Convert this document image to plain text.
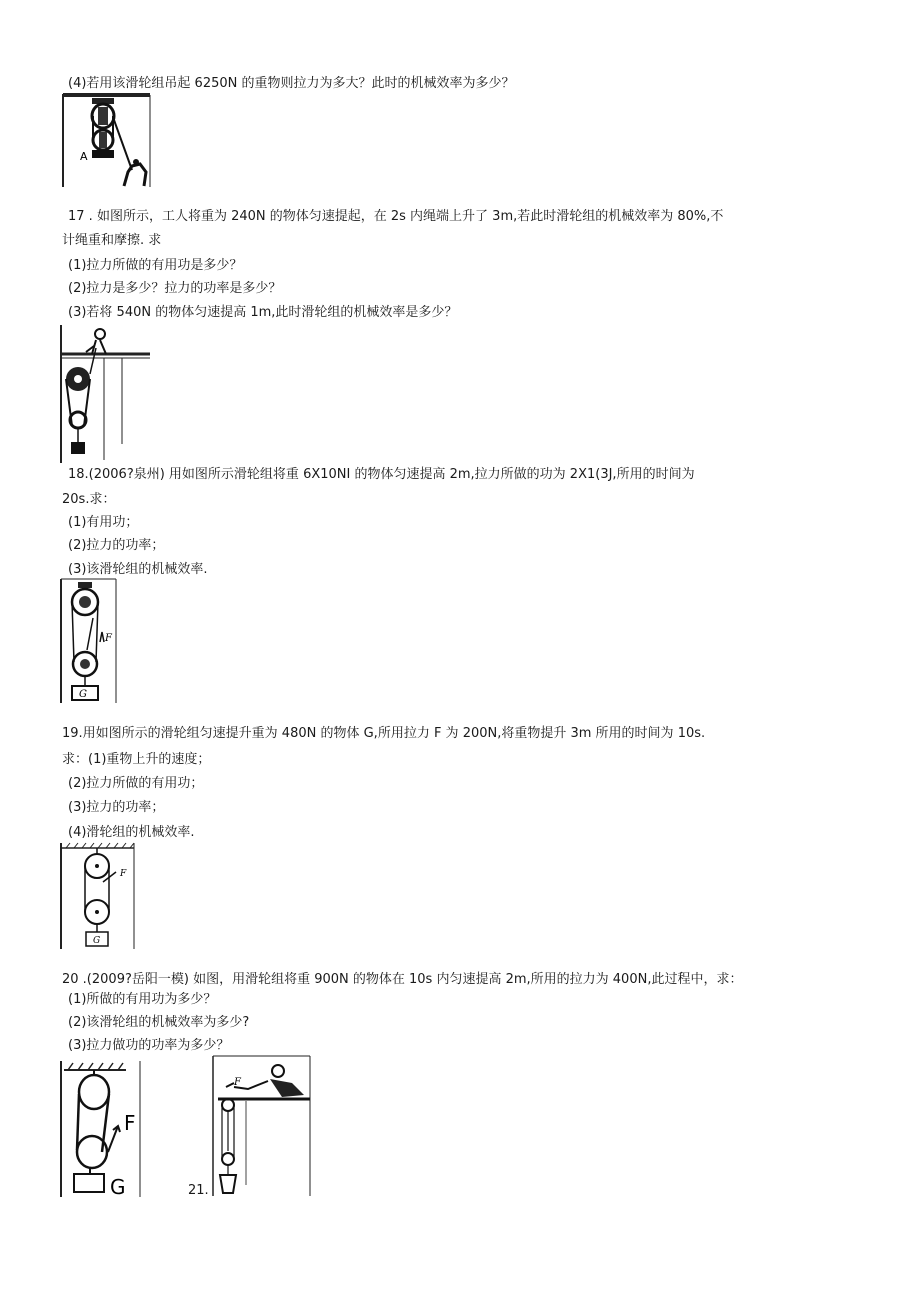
(4)若用该滑轮组吊起 6250N 的重物则拉力为多大？此时的机械效率为多少？
A
17 . 如图所示，工人将重为 240N 的物体匀速提起，在 2s 内绳端上升了 3m,若此时滑轮组的机械效率为 80%,不
计绳重和摩擦. 求
(1)拉力所做的有用功是多少？
(2)拉力是多少？拉力的功率是多少？
(3)若将 540N 的物体匀速提高 1m,此时滑轮组的机械效率是多少？
18.(2006?泉州) 用如图所示滑轮组将重 6X10NI 的物体匀速提高 2m,拉力所做的功为 2X1(3J,所用的时间为
20s.求：
(1)有用功；
(2)拉力的功率；
(3)该滑轮组的机械效率.
F
G
19.用如图所示的滑轮组匀速提升重为 480N 的物体 G,所用拉力 F 为 200N,将重物提升 3m 所用的时间为 10s.
求：(1)重物上升的速度；
(2)拉力所做的有用功；
(3)拉力的功率；
(4)滑轮组的机械效率.
F
G
20 .(2009?岳阳一模) 如图，用滑轮组将重 900N 的物体在 10s 内匀速提高 2m,所用的拉力为 400N,此过程中，求：
(1)所做的有用功为多少？
(2)该滑轮组的机械效率为多少?
(3)拉力做功的功率为多少？
F
G	21.
F
